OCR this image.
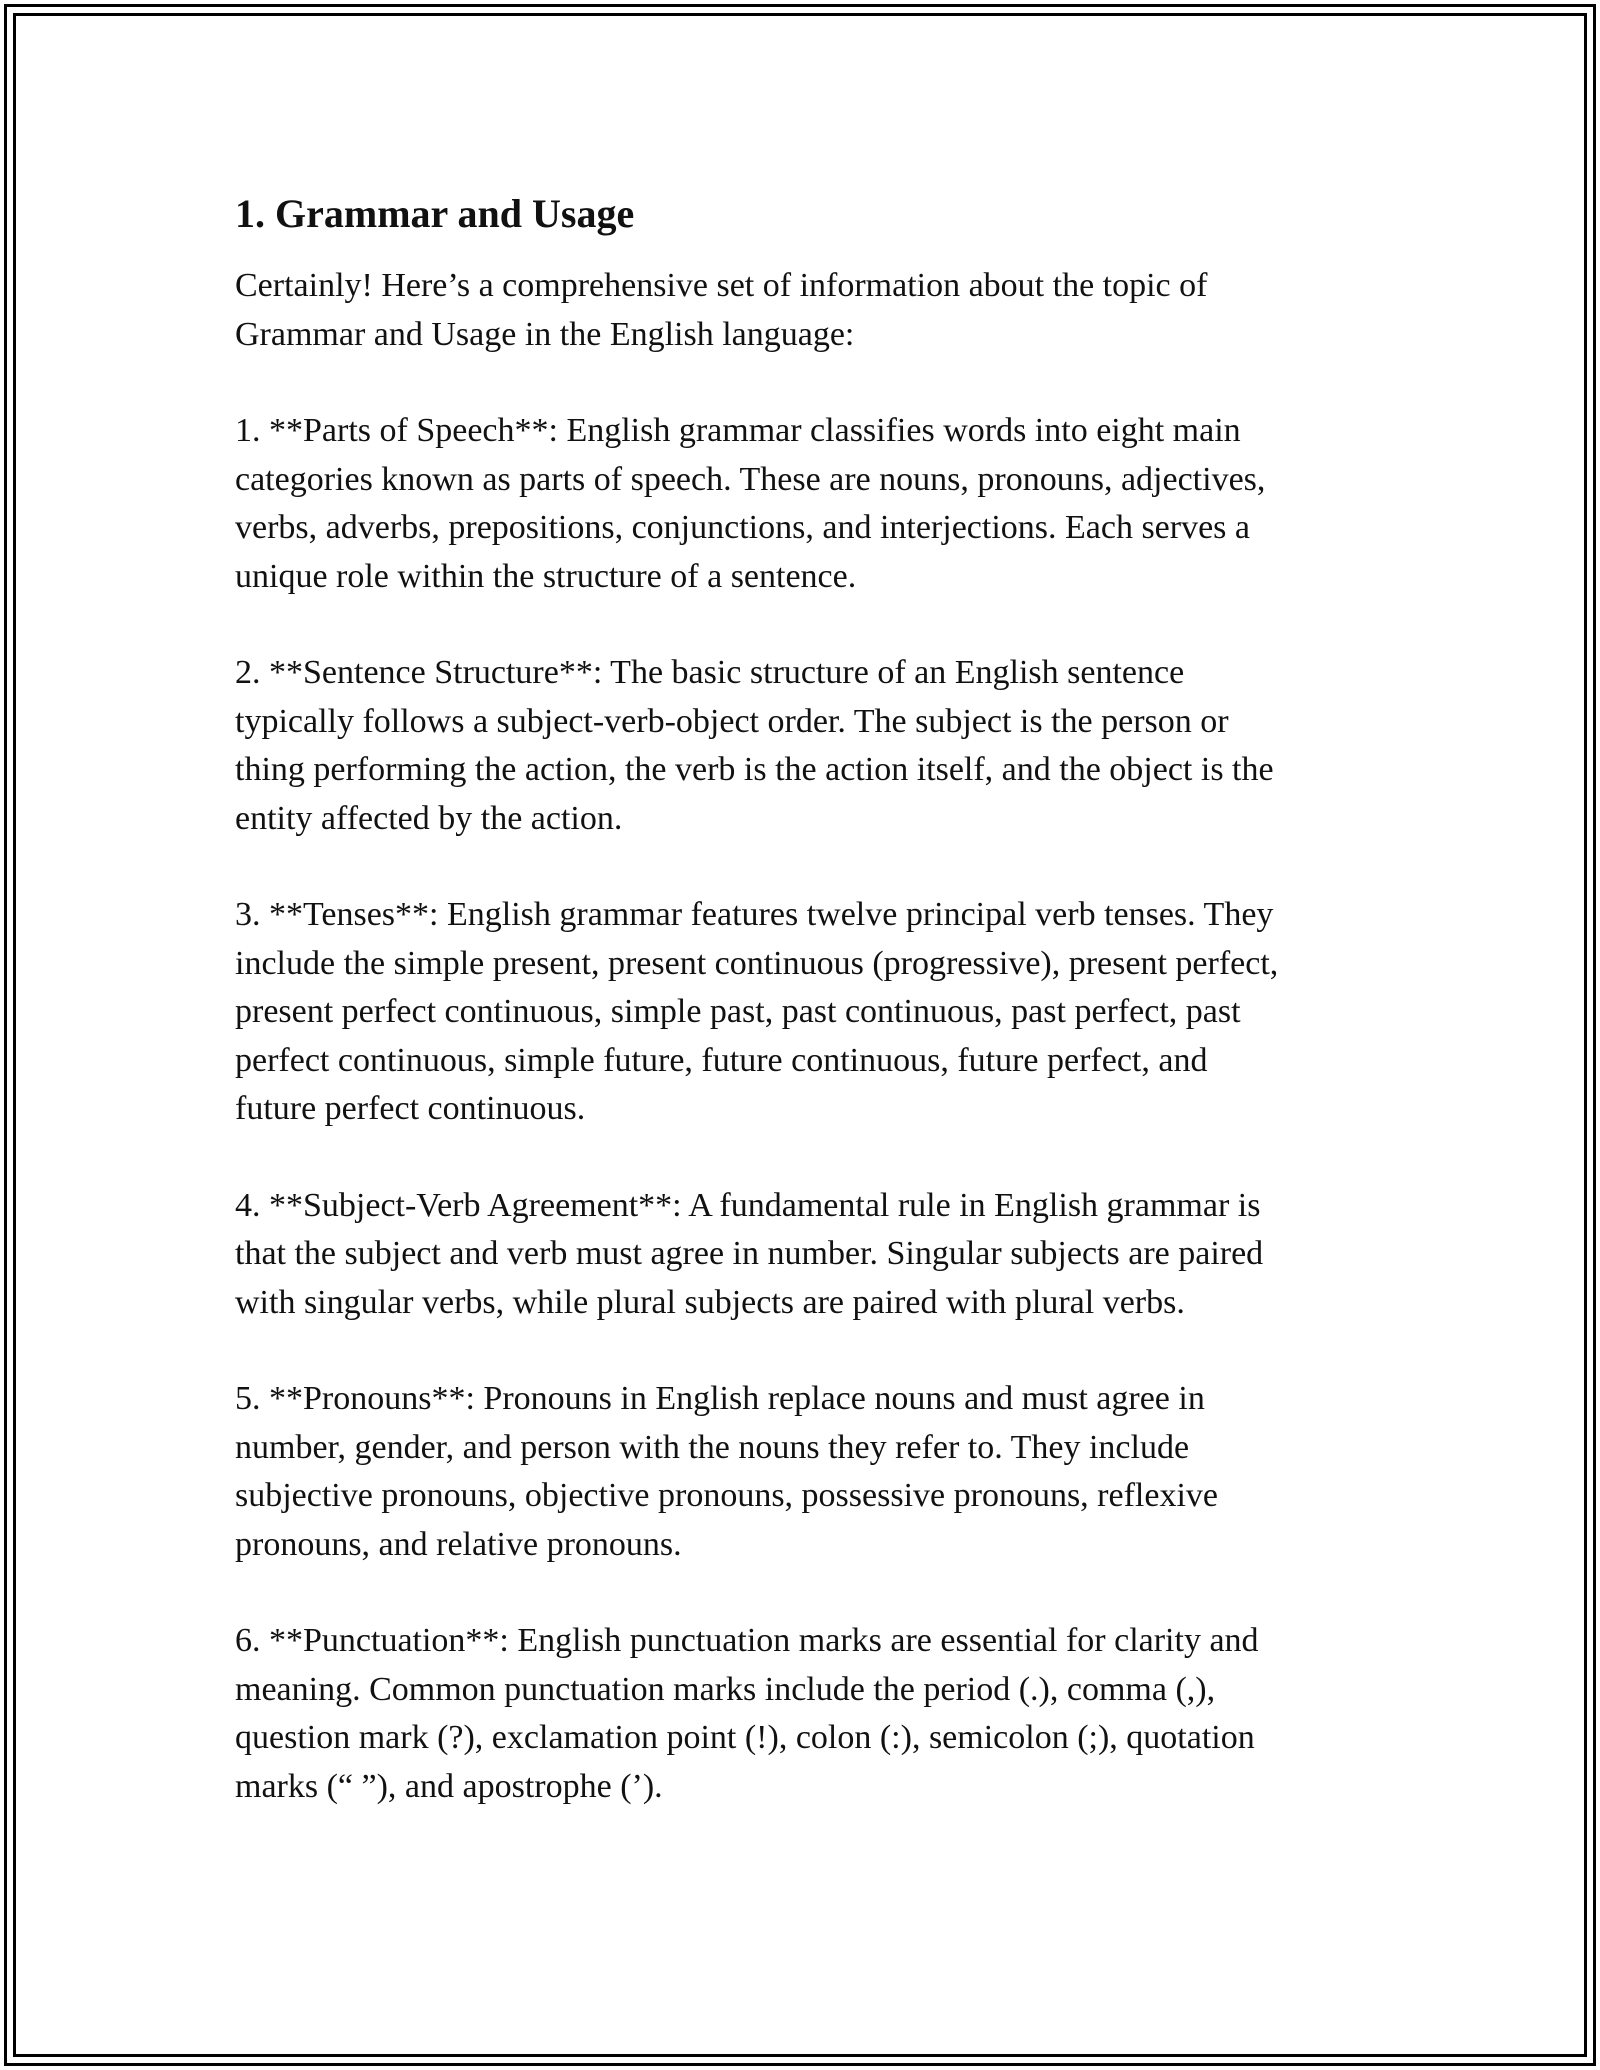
1. Grammar and Usage
Certainly! Here’s a comprehensive set of information about the topic of
Grammar and Usage in the English language:
1. **Parts of Speech**: English grammar classifies words into eight main
categories known as parts of speech. These are nouns, pronouns, adjectives,
verbs, adverbs, prepositions, conjunctions, and interjections. Each serves a
unique role within the structure of a sentence.
2. **Sentence Structure**: The basic structure of an English sentence
typically follows a subject-verb-object order. The subject is the person or
thing performing the action, the verb is the action itself, and the object is the
entity affected by the action.
3. **Tenses**: English grammar features twelve principal verb tenses. They
include the simple present, present continuous (progressive), present perfect,
present perfect continuous, simple past, past continuous, past perfect, past
perfect continuous, simple future, future continuous, future perfect, and
future perfect continuous.
4. **Subject-Verb Agreement**: A fundamental rule in English grammar is
that the subject and verb must agree in number. Singular subjects are paired
with singular verbs, while plural subjects are paired with plural verbs.
5. **Pronouns**: Pronouns in English replace nouns and must agree in
number, gender, and person with the nouns they refer to. They include
subjective pronouns, objective pronouns, possessive pronouns, reflexive
pronouns, and relative pronouns.
6. **Punctuation**: English punctuation marks are essential for clarity and
meaning. Common punctuation marks include the period (.), comma (,),
question mark (?), exclamation point (!), colon (:), semicolon (;), quotation
marks (“ ”), and apostrophe (’).
